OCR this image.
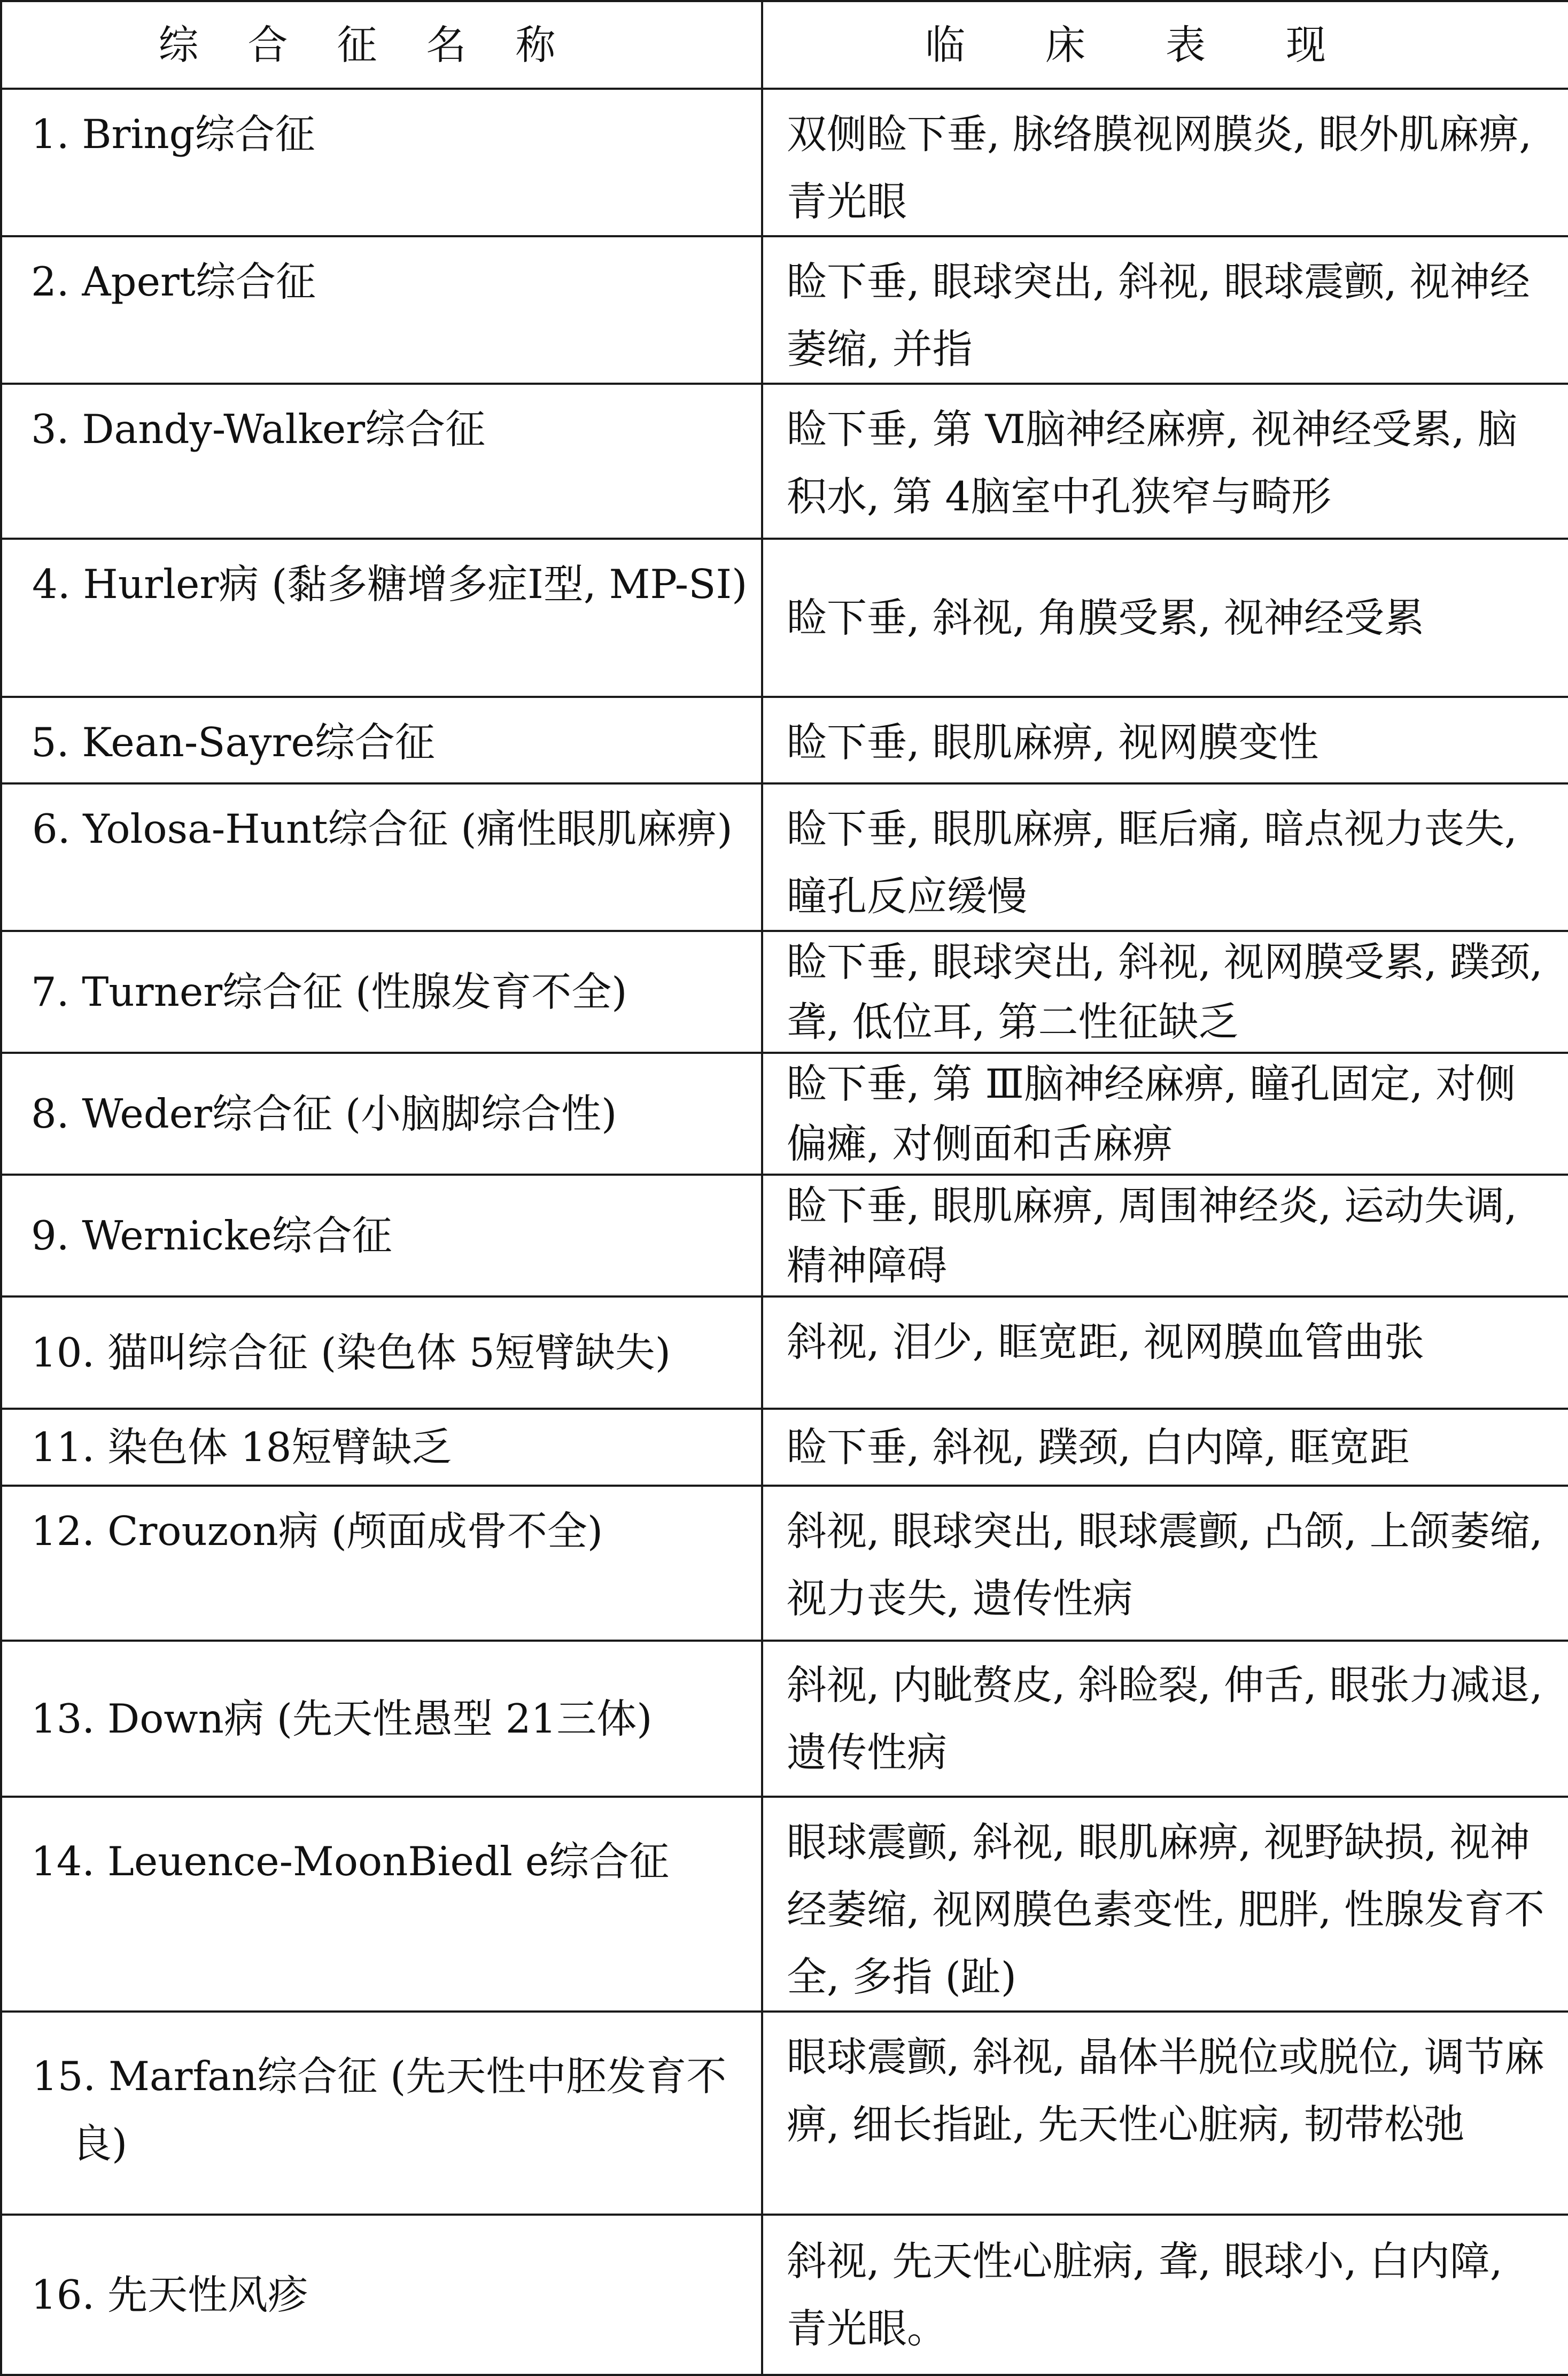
综合征名称	临床表现
1. Bring综合征	双侧睑下垂, 脉络膜视网膜炎, 眼外肌麻痹, 青光眼
2. Apert综合征	睑下垂, 眼球突出, 斜视, 眼球震颤, 视神经萎缩, 并指
3. Dandy-Walker综合征	睑下垂, 第 Ⅵ脑神经麻痹, 视神经受累, 脑积水, 第 4脑室中孔狭窄与畸形
4. Hurler病 (黏多糖增多症Ⅰ型, MP-SI)	睑下垂, 斜视, 角膜受累, 视神经受累
5. Kean-Sayre综合征	睑下垂, 眼肌麻痹, 视网膜变性
6. Yolosa-Hunt综合征 (痛性眼肌麻痹)	睑下垂, 眼肌麻痹, 眶后痛, 暗点视力丧失, 瞳孔反应缓慢
7. Turner综合征 (性腺发育不全)	睑下垂, 眼球突出, 斜视, 视网膜受累, 蹼颈, 聋, 低位耳, 第二性征缺乏
8. Weder综合征 (小脑脚综合性)	睑下垂, 第 Ⅲ脑神经麻痹, 瞳孔固定, 对侧偏瘫, 对侧面和舌麻痹
9. Wernicke综合征	睑下垂, 眼肌麻痹, 周围神经炎, 运动失调, 精神障碍
10. 猫叫综合征 (染色体 5短臂缺失)	斜视, 泪少, 眶宽距, 视网膜血管曲张
11. 染色体 18短臂缺乏	睑下垂, 斜视, 蹼颈, 白内障, 眶宽距
12. Crouzon病 (颅面成骨不全)	斜视, 眼球突出, 眼球震颤, 凸颌, 上颌萎缩, 视力丧失, 遗传性病
13. Down病 (先天性愚型 21三体)	斜视, 内眦赘皮, 斜睑裂, 伸舌, 眼张力减退, 遗传性病
14. Leuence-MoonBiedl e综合征	眼球震颤, 斜视, 眼肌麻痹, 视野缺损, 视神经萎缩, 视网膜色素变性, 肥胖, 性腺发育不全, 多指 (趾)
15. Marfan综合征 (先天性中胚发育不良)	眼球震颤, 斜视, 晶体半脱位或脱位, 调节麻痹, 细长指趾, 先天性心脏病, 韧带松弛
16. 先天性风疹	斜视, 先天性心脏病, 聋, 眼球小, 白内障, 青光眼。
